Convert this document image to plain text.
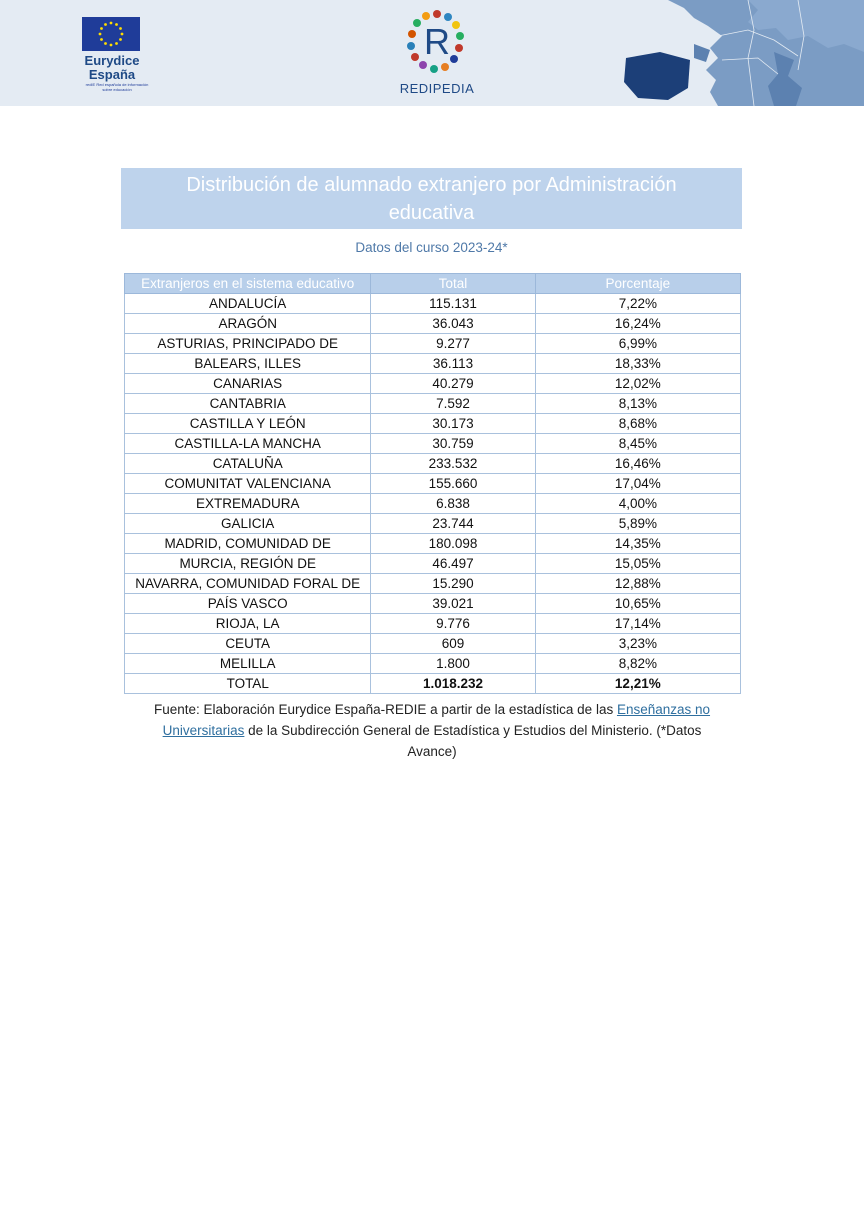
Eurydice
España
redIE Red española de información sobre educación
R
REDIPEDIA
Distribución de alumnado extranjero por Administración educativa
Datos del curso 2023-24*
Extranjeros en el sistema educativo	Total	Porcentaje
ANDALUCÍA	115.131	7,22%
ARAGÓN	36.043	16,24%
ASTURIAS, PRINCIPADO DE	9.277	6,99%
BALEARS, ILLES	36.113	18,33%
CANARIAS	40.279	12,02%
CANTABRIA	7.592	8,13%
CASTILLA Y LEÓN	30.173	8,68%
CASTILLA-LA MANCHA	30.759	8,45%
CATALUÑA	233.532	16,46%
COMUNITAT VALENCIANA	155.660	17,04%
EXTREMADURA	6.838	4,00%
GALICIA	23.744	5,89%
MADRID, COMUNIDAD DE	180.098	14,35%
MURCIA, REGIÓN DE	46.497	15,05%
NAVARRA, COMUNIDAD FORAL DE	15.290	12,88%
PAÍS VASCO	39.021	10,65%
RIOJA, LA	9.776	17,14%
CEUTA	609	3,23%
MELILLA	1.800	8,82%
TOTAL	1.018.232	12,21%
Fuente: Elaboración Eurydice España-REDIE a partir de la estadística de las Enseñanzas no Universitarias de la Subdirección General de Estadística y Estudios del Ministerio. (*Datos Avance)
